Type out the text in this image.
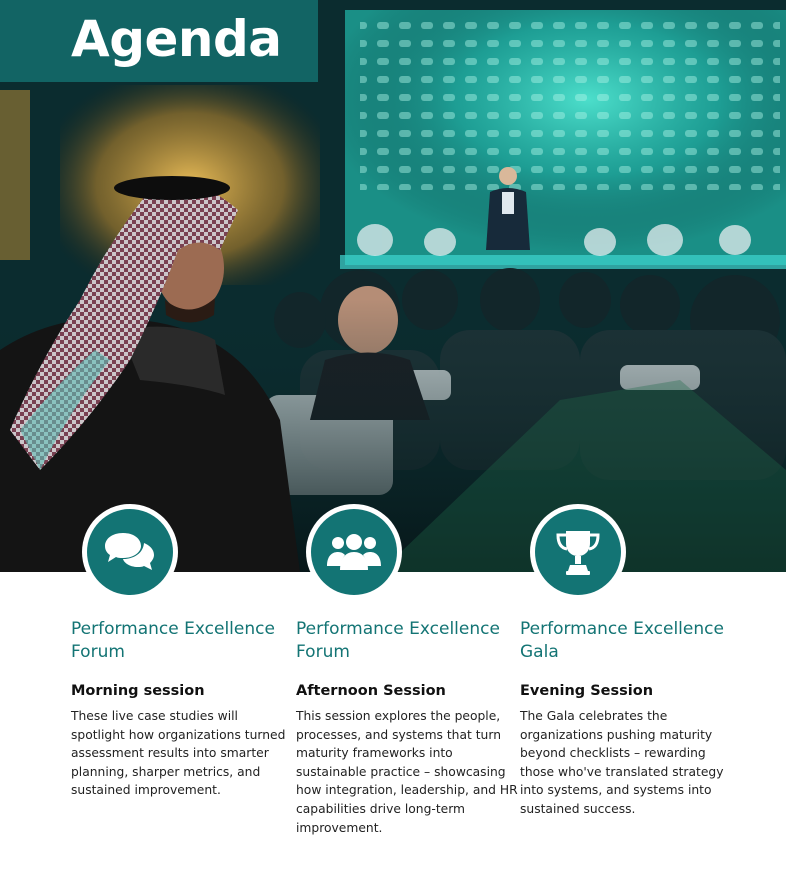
Agenda
Performance Excellence Forum
Morning session

These live case studies will spotlight how organizations turned assessment results into smarter planning, sharper metrics, and sustained improvement.

Performance Excellence Forum
Afternoon Session

This session explores the people, processes, and systems that turn maturity frameworks into sustainable practice – showcasing how integration, leadership, and HR capabilities drive long-term improvement.

Performance Excellence Gala
Evening Session

The Gala celebrates the organizations pushing maturity beyond checklists – rewarding those who've translated strategy into systems, and systems into sustained success.
